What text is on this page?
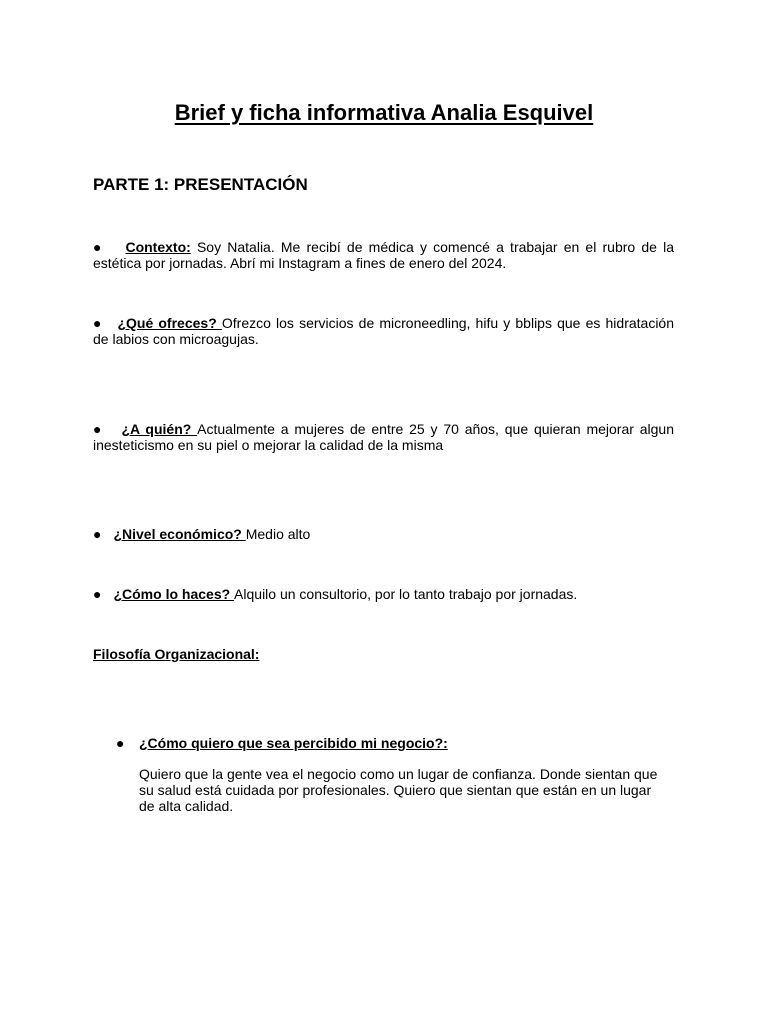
Brief y ficha informativa Analia Esquivel
PARTE 1: PRESENTACIÓN
● Contexto: Soy Natalia. Me recibí de médica y comencé a trabajar en el rubro de la estética por jornadas. Abrí mi Instagram a fines de enero del 2024.
● ¿Qué ofreces? Ofrezco los servicios de microneedling, hifu y bblips que es hidratación de labios con microagujas.
● ¿A quién? Actualmente a mujeres de entre 25 y 70 años, que quieran mejorar algun inesteticismo en su piel o mejorar la calidad de la misma
● ¿Nivel económico? Medio alto
● ¿Cómo lo haces? Alquilo un consultorio, por lo tanto trabajo por jornadas.
Filosofía Organizacional:
● ¿Cómo quiero que sea percibido mi negocio?:
Quiero que la gente vea el negocio como un lugar de confianza. Donde sientan que su salud está cuidada por profesionales. Quiero que sientan que están en un lugar de alta calidad.
